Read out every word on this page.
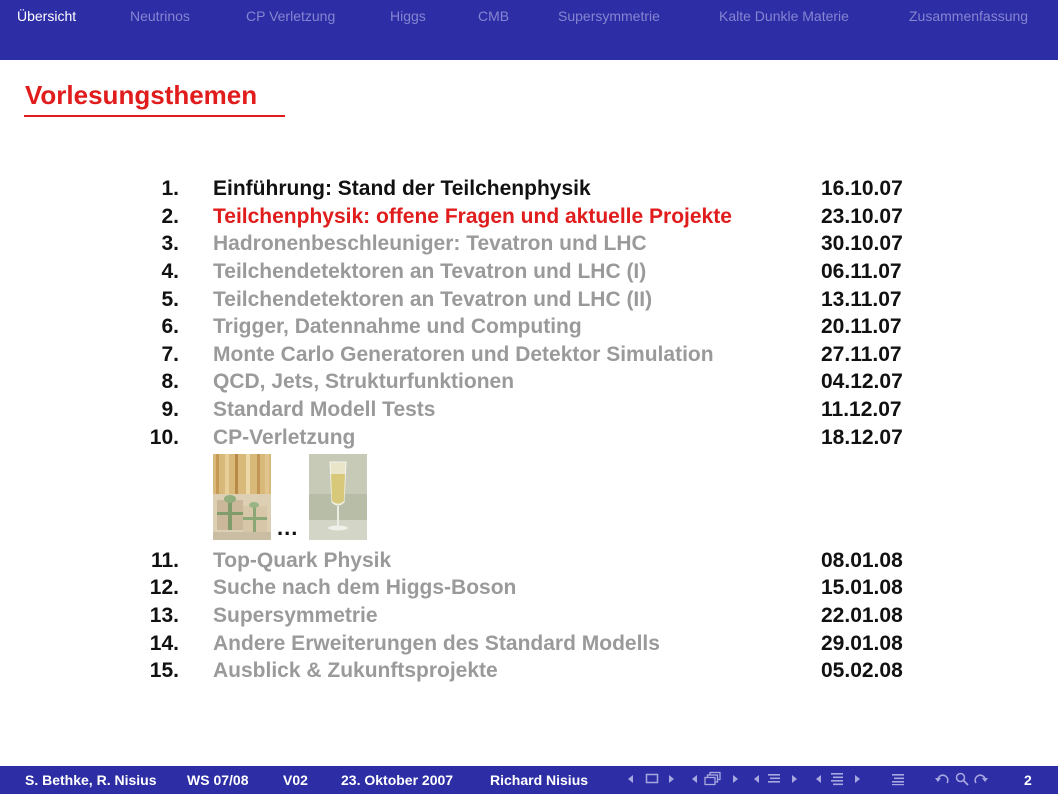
Übersicht	Neutrinos	CP Verletzung	Higgs	CMB	Supersymmetrie	Kalte Dunkle Materie	Zusammenfassung
Vorlesungsthemen
1. Einführung: Stand der Teilchenphysik	16.10.07
2. Teilchenphysik: offene Fragen und aktuelle Projekte	23.10.07
3. Hadronenbeschleuniger: Tevatron und LHC	30.10.07
4. Teilchendetektoren an Tevatron und LHC (I)	06.11.07
5. Teilchendetektoren an Tevatron und LHC (II)	13.11.07
6. Trigger, Datennahme und Computing	20.11.07
7. Monte Carlo Generatoren und Detektor Simulation	27.11.07
8. QCD, Jets, Strukturfunktionen	04.12.07
9. Standard Modell Tests	11.12.07
10. CP-Verletzung	18.12.07
...
11. Top-Quark Physik	08.01.08
12. Suche nach dem Higgs-Boson	15.01.08
13. Supersymmetrie	22.01.08
14. Andere Erweiterungen des Standard Modells	29.01.08
15. Ausblick & Zukunftsprojekte	05.02.08
S. Bethke, R. Nisius WS 07/08 V02 23. Oktober 2007	Richard Nisius	2
